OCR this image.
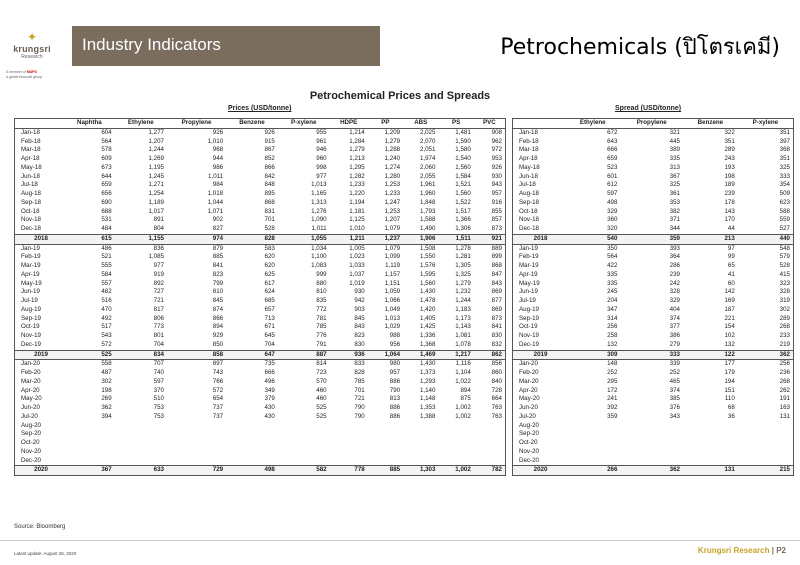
✦
krungsri
Research
A member of MUFG
a global financial group
Industry Indicators	Petrochemicals (ปิโตรเคมี)
Petrochemical Prices and Spreads
Prices (USD/tonne)	Spread (USD/tonne)
	Naphtha	Ethylene	Propylene	Benzene	P-xylene	HDPE	PP	ABS	PS	PVC
Jan-18	604	1,277	926	926	955	1,214	1,209	2,025	1,481	908
Feb-18	564	1,207	1,010	915	961	1,284	1,279	2,070	1,590	962
Mar-18	578	1,244	968	867	946	1,279	1,288	2,051	1,580	972
Apr-18	609	1,269	944	852	960	1,213	1,240	1,974	1,540	953
May-18	673	1,195	986	866	998	1,295	1,274	2,060	1,560	926
Jun-18	644	1,245	1,011	842	977	1,282	1,280	2,055	1,584	930
Jul-18	659	1,271	984	848	1,013	1,233	1,253	1,961	1,521	943
Aug-18	656	1,254	1,018	895	1,165	1,220	1,233	1,960	1,560	957
Sep-18	690	1,189	1,044	868	1,313	1,194	1,247	1,848	1,522	916
Oct-18	688	1,017	1,071	831	1,276	1,181	1,253	1,793	1,517	855
Nov-18	531	891	902	701	1,090	1,125	1,207	1,588	1,366	857
Dec-18	484	804	827	528	1,011	1,010	1,079	1,490	1,306	873
2018	615	1,155	974	828	1,055	1,211	1,237	1,906	1,511	921
Jan-19	486	836	879	583	1,034	1,005	1,079	1,508	1,278	889
Feb-19	521	1,085	885	620	1,100	1,023	1,099	1,550	1,281	899
Mar-19	555	977	841	620	1,083	1,033	1,119	1,576	1,305	868
Apr-19	584	919	823	625	999	1,037	1,157	1,595	1,325	847
May-19	557	892	799	617	880	1,019	1,151	1,560	1,279	843
Jun-19	482	727	810	624	810	930	1,059	1,430	1,232	869
Jul-19	516	721	845	685	835	942	1,066	1,478	1,244	877
Aug-19	470	817	874	657	772	903	1,049	1,420	1,183	869
Sep-19	492	806	866	713	781	845	1,013	1,405	1,173	873
Oct-19	517	773	894	671	785	843	1,029	1,425	1,143	841
Nov-19	543	801	929	645	776	823	988	1,336	1,081	830
Dec-19	572	704	850	704	791	830	956	1,368	1,078	832
2019	525	834	858	647	887	936	1,064	1,469	1,217	862
Jan-20	558	707	897	735	814	833	980	1,430	1,116	856
Feb-20	487	740	743	666	723	828	957	1,373	1,104	860
Mar-20	302	597	766	496	570	785	886	1,293	1,022	840
Apr-20	198	370	572	349	460	701	790	1,140	894	728
May-20	269	510	654	379	460	721	813	1,148	875	664
Jun-20	362	753	737	430	525	790	886	1,353	1,002	763
Jul-20	394	753	737	430	525	790	886	1,388	1,002	763
Aug-20										
Sep-20										
Oct-20										
Nov-20										
Dec-20										
2020	367	633	729	498	582	778	885	1,303	1,002	782
	Ethylene	Propylene	Benzene	P-xylene
Jan-18	672	321	322	351
Feb-18	643	445	351	397
Mar-18	666	389	289	368
Apr-18	659	335	243	351
May-18	523	313	193	325
Jun-18	601	367	198	333
Jul-18	612	325	189	354
Aug-18	597	361	239	509
Sep-18	498	353	178	623
Oct-18	329	382	143	588
Nov-18	360	371	170	559
Dec-18	320	344	44	527
2018	540	359	213	440
Jan-19	350	393	97	548
Feb-19	564	364	99	579
Mar-19	422	286	65	528
Apr-19	335	239	41	415
May-19	335	242	60	323
Jun-19	245	328	142	328
Jul-19	204	329	169	319
Aug-19	347	404	187	302
Sep-19	314	374	221	289
Oct-19	256	377	154	268
Nov-19	258	386	102	233
Dec-19	132	279	132	219
2019	309	333	122	362
Jan-20	148	339	177	256
Feb-20	252	252	179	236
Mar-20	295	465	194	268
Apr-20	172	374	151	262
May-20	241	385	110	191
Jun-20	392	376	68	163
Jul-20	359	343	36	131
Aug-20				
Sep-20				
Oct-20				
Nov-20				
Dec-20				
2020	266	362	131	215
Source: Bloomberg
Latest update: August 26, 2020	Krungsri Research | P2
